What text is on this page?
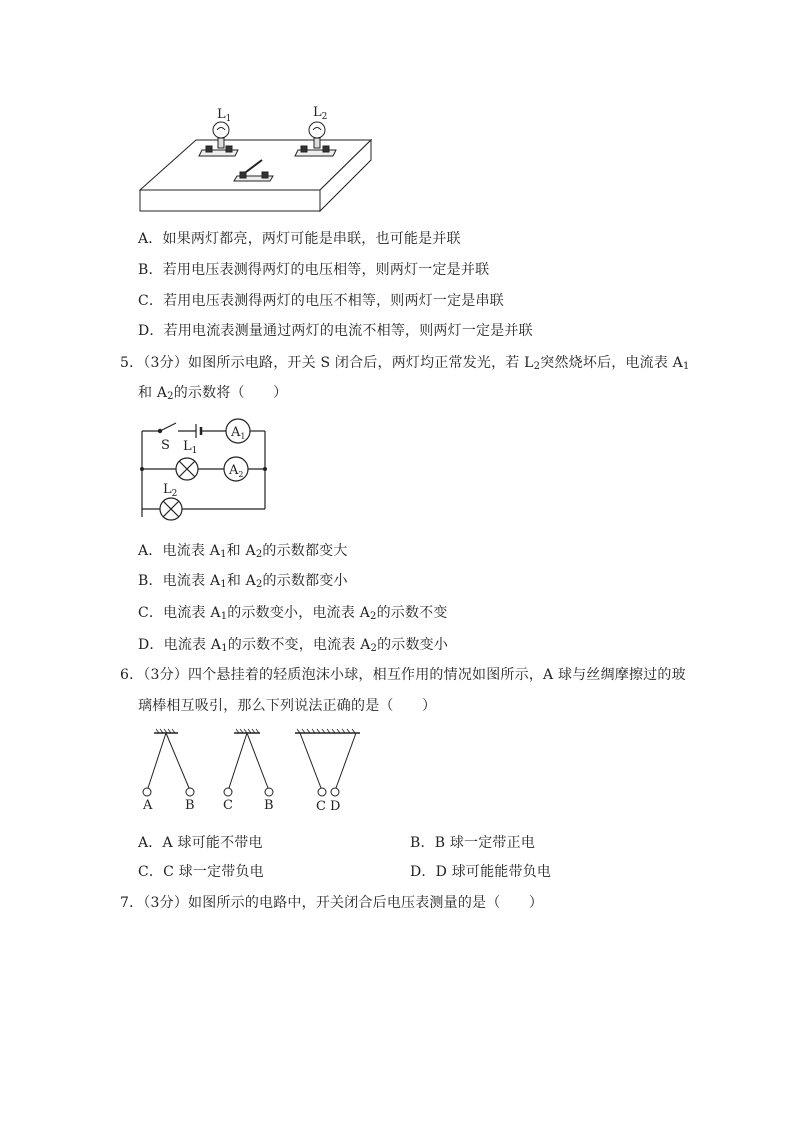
$L_1$	$L_2$
A．如果两灯都亮，两灯可能是串联，也可能是并联
B．若用电压表测得两灯的电压相等，则两灯一定是并联
C．若用电压表测得两灯的电压不相等，则两灯一定是串联
D．若用电流表测量通过两灯的电流不相等，则两灯一定是并联
5．（3分）如图所示电路，开关 S 闭合后，两灯均正常发光，若 $L_2$突然烧坏后，电流表 $A_1$
和 $A_2$的示数将（　　）
S $L_1$
$L_2$
$A_1$
$A_2$
A．电流表 $A_1$和 $A_2$的示数都变大
B．电流表 $A_1$和 $A_2$的示数都变小
C．电流表 $A_1$的示数变小，电流表 $A_2$的示数不变
D．电流表 $A_1$的示数不变，电流表 $A_2$的示数变小
6．（3分）四个悬挂着的轻质泡沫小球，相互作用的情况如图所示，A 球与丝绸摩擦过的玻
璃棒相互吸引，那么下列说法正确的是（　　）
A	B C B	C D
A．A 球可能不带电	B．B 球一定带正电
C．C 球一定带负电	D．D 球可能能带负电
7．（3分）如图所示的电路中，开关闭合后电压表测量的是（　　）
